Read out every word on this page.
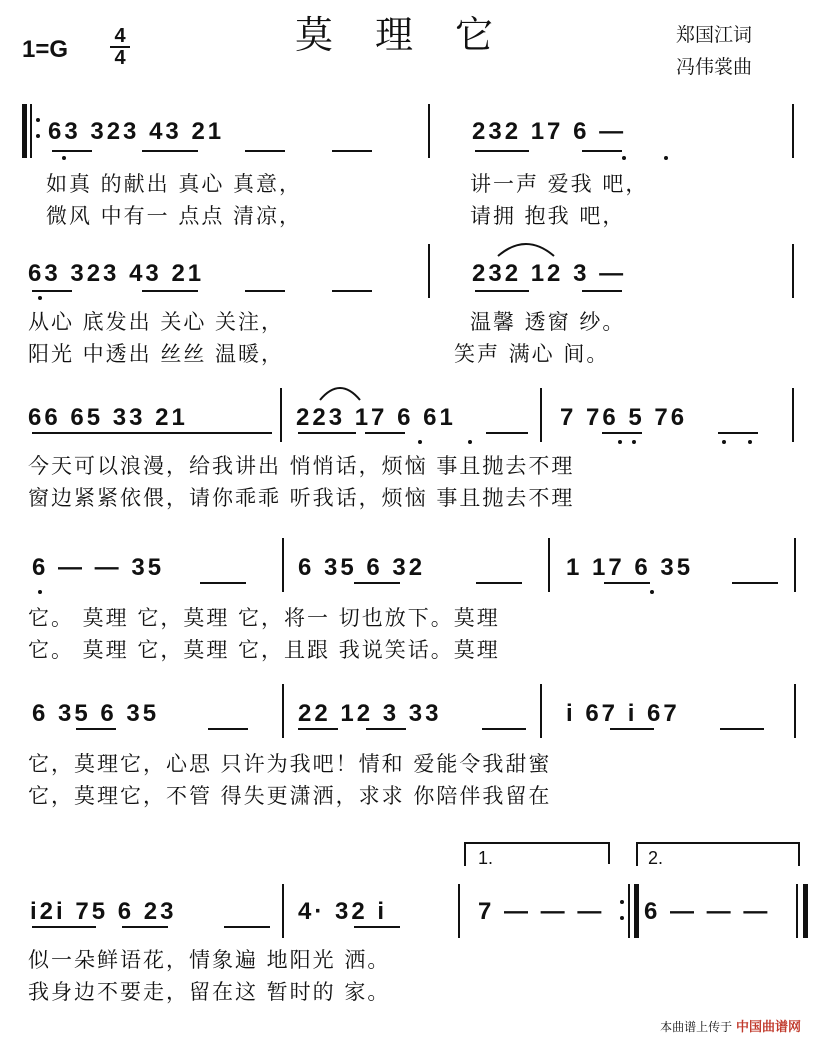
1=G 4
4
莫理它	郑国江词
冯伟裳曲
63 323 43 21	232 17 6 —
如真 的献出 真心 真意，	讲一声 爱我 吧，
微风 中有一 点点 清凉，	请拥 抱我 吧，
63 323 43 21	232 12 3 —
从心 底发出 关心 关注，	温馨 透窗 纱。
阳光 中透出 丝丝 温暖，	笑声 满心 间。
66 65 33 21	223 17 6 61	7 76 5 76
今天可以浪漫，给我讲出 悄悄话，烦恼 事且抛去不理
窗边紧紧依偎，请你乖乖 听我话，烦恼 事且抛去不理
6 — — 35	6 35 6 32	1 17 6 35
它。 莫理 它，莫理 它，将一 切也放下。莫理
它。 莫理 它，莫理 它，且跟 我说笑话。莫理
6 35 6 35	22 12 3 33	i 67 i 67
它，莫理它，心思 只许为我吧！情和 爱能令我甜蜜
它，莫理它，不管 得失更潇洒，求求 你陪伴我留在
1.	2.
i2i 75 6 23	4· 32 i	7 — — — 6 — — —
似一朵鲜语花，情象遍 地阳光 洒。
我身边不要走，留在这 暂时的 家。
本曲谱上传于 中国曲谱网
